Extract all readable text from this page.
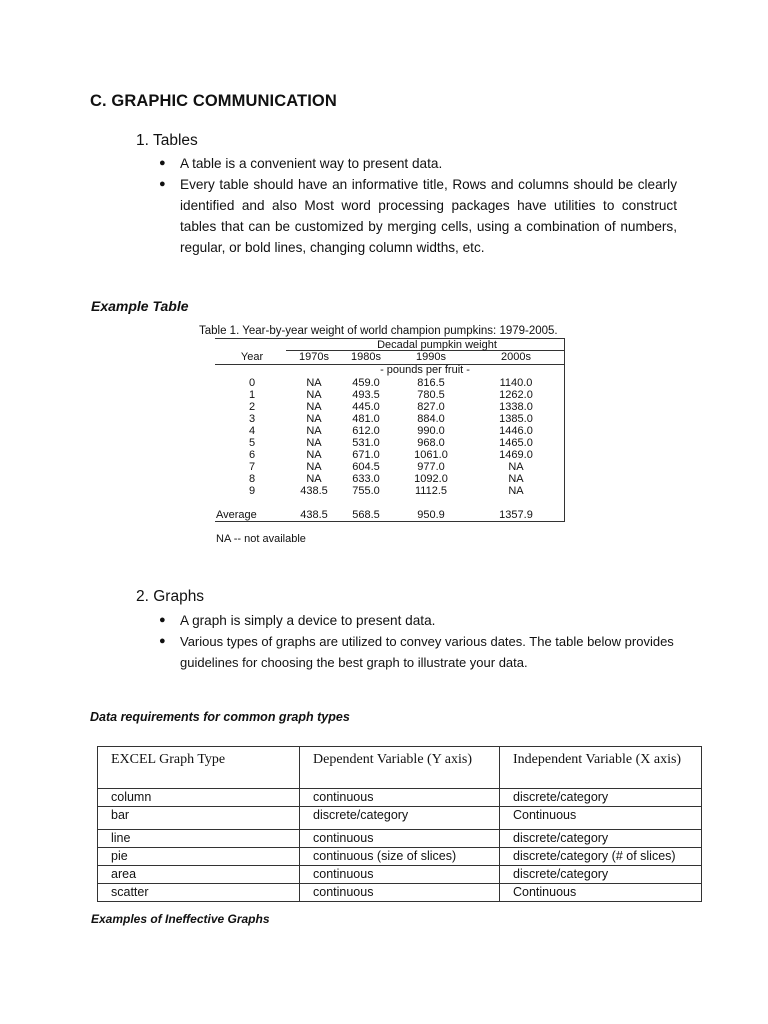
C. GRAPHIC COMMUNICATION
1. Tables
● A table is a convenient way to present data.
● Every table should have an informative title, Rows and columns should be clearly identified and also Most word processing packages have utilities to construct tables that can be customized by merging cells, using a combination of numbers, regular, or bold lines, changing column widths, etc.
Example Table
Table 1. Year-by-year weight of world champion pumpkins: 1979-2005.
Decadal pumpkin weight
Year	1970s	1980s	1990s	2000s
- pounds per fruit -
0	NA	459.0	816.5	1140.0
1	NA	493.5	780.5	1262.0
2	NA	445.0	827.0	1338.0
3	NA	481.0	884.0	1385.0
4	NA	612.0	990.0	1446.0
5	NA	531.0	968.0	1465.0
6	NA	671.0	1061.0	1469.0
7	NA	604.5	977.0	NA
8	NA	633.0	1092.0	NA
9	438.5	755.0	1112.5	NA
Average	438.5	568.5	950.9	1357.9
NA -- not available
2. Graphs
● A graph is simply a device to present data.
● Various types of graphs are utilized to convey various dates. The table below provides guidelines for choosing the best graph to illustrate your data.
Data requirements for common graph types
EXCEL Graph Type	Dependent Variable (Y axis)	Independent Variable (X axis)
column	continuous	discrete/category
bar	discrete/category	Continuous
line	continuous	discrete/category
pie	continuous (size of slices)	discrete/category (# of slices)
area	continuous	discrete/category
scatter	continuous	Continuous
Examples of Ineffective Graphs
